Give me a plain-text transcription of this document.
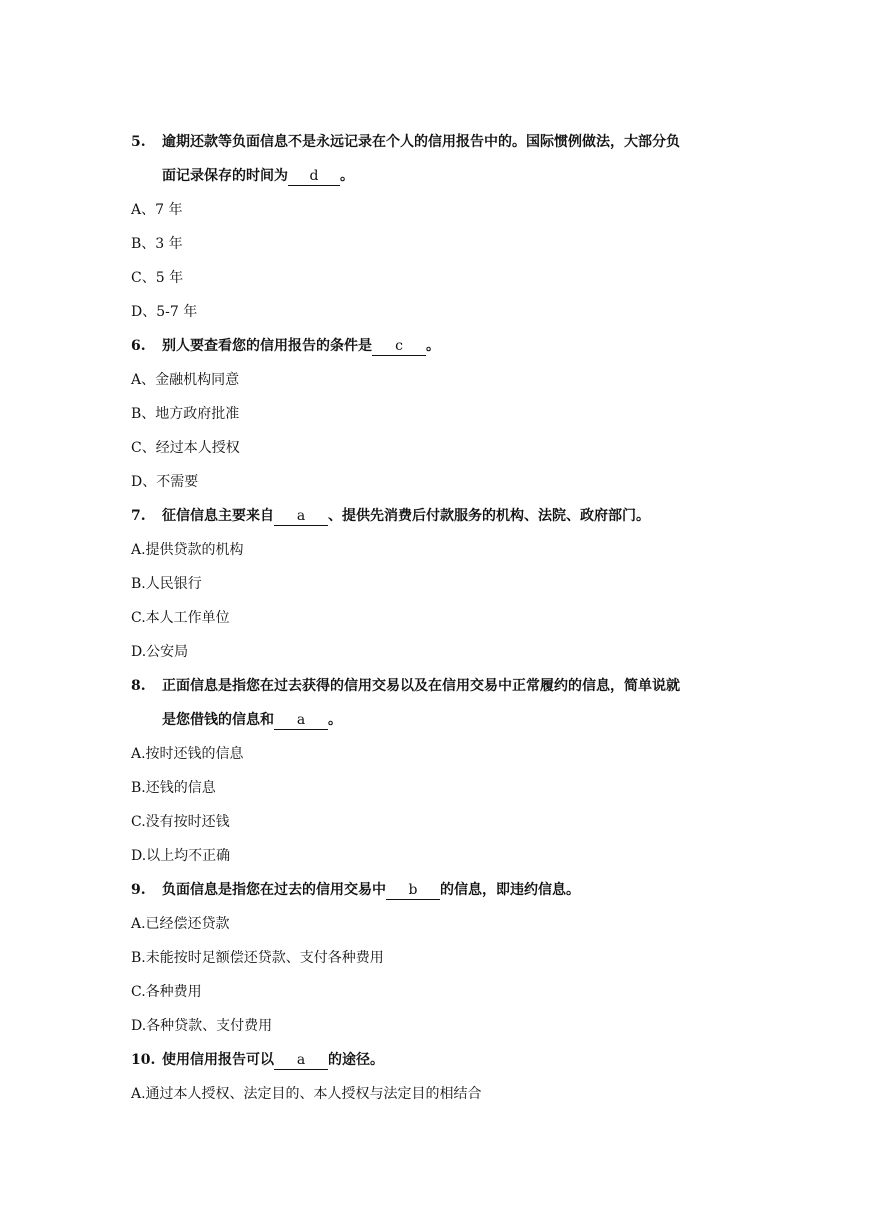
5. 逾期还款等负面信息不是永远记录在个人的信用报告中的。国际惯例做法，大部分负
面记录保存的时间为 d 。
A、7 年
B、3 年
C、5 年
D、5-7 年
6. 别人要查看您的信用报告的条件是 c 。
A、金融机构同意
B、地方政府批准
C、经过本人授权
D、不需要
7. 征信信息主要来自 a 、提供先消费后付款服务的机构、法院、政府部门。
A.提供贷款的机构
B.人民银行
C.本人工作单位
D.公安局
8. 正面信息是指您在过去获得的信用交易以及在信用交易中正常履约的信息，简单说就
是您借钱的信息和 a 。
A.按时还钱的信息
B.还钱的信息
C.没有按时还钱
D.以上均不正确
9. 负面信息是指您在过去的信用交易中 b 的信息，即违约信息。
A.已经偿还贷款
B.未能按时足额偿还贷款、支付各种费用
C.各种费用
D.各种贷款、支付费用
10. 使用信用报告可以 a 的途径。
A.通过本人授权、法定目的、本人授权与法定目的相结合
